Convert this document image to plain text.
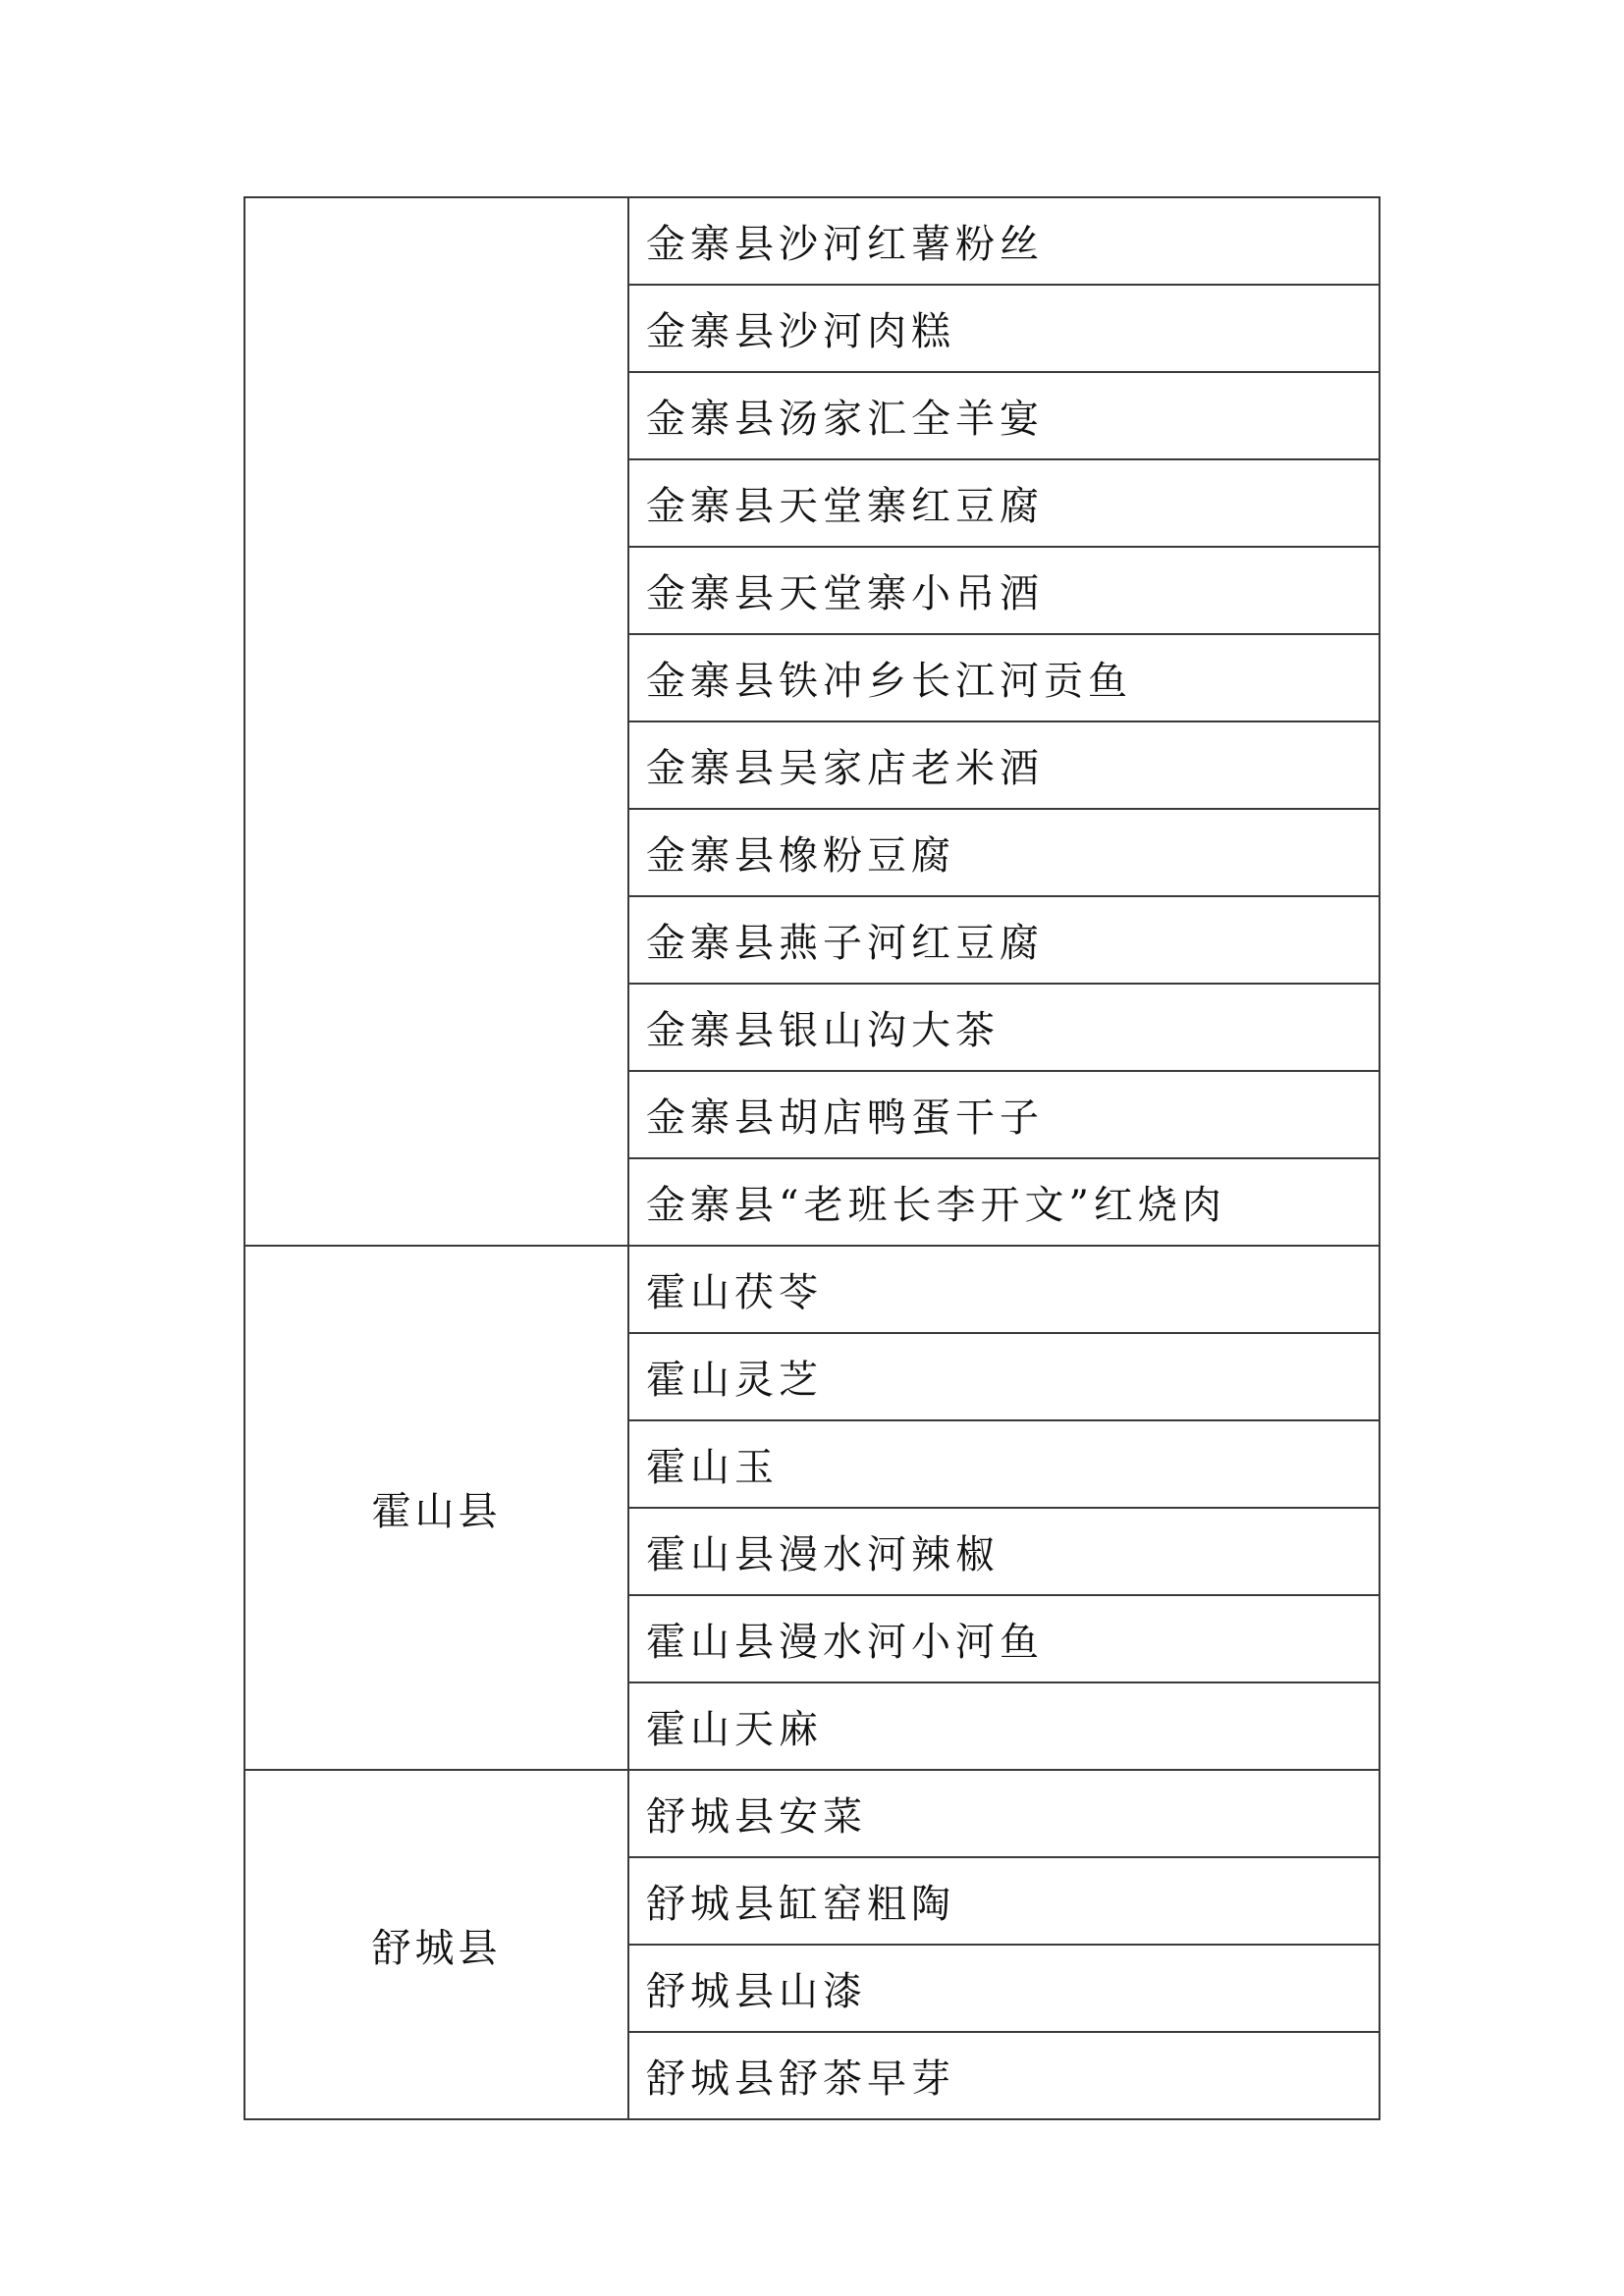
	金寨县沙河红薯粉丝
	金寨县沙河肉糕
	金寨县汤家汇全羊宴
	金寨县天堂寨红豆腐
	金寨县天堂寨小吊酒
	金寨县铁冲乡长江河贡鱼
	金寨县吴家店老米酒
	金寨县橡粉豆腐
	金寨县燕子河红豆腐
	金寨县银山沟大茶
	金寨县胡店鸭蛋干子
	金寨县“老班长李开文”红烧肉
霍山县	霍山茯苓
	霍山灵芝
	霍山玉
	霍山县漫水河辣椒
	霍山县漫水河小河鱼
	霍山天麻
舒城县	舒城县安菜
	舒城县缸窑粗陶
	舒城县山漆
	舒城县舒茶早芽
